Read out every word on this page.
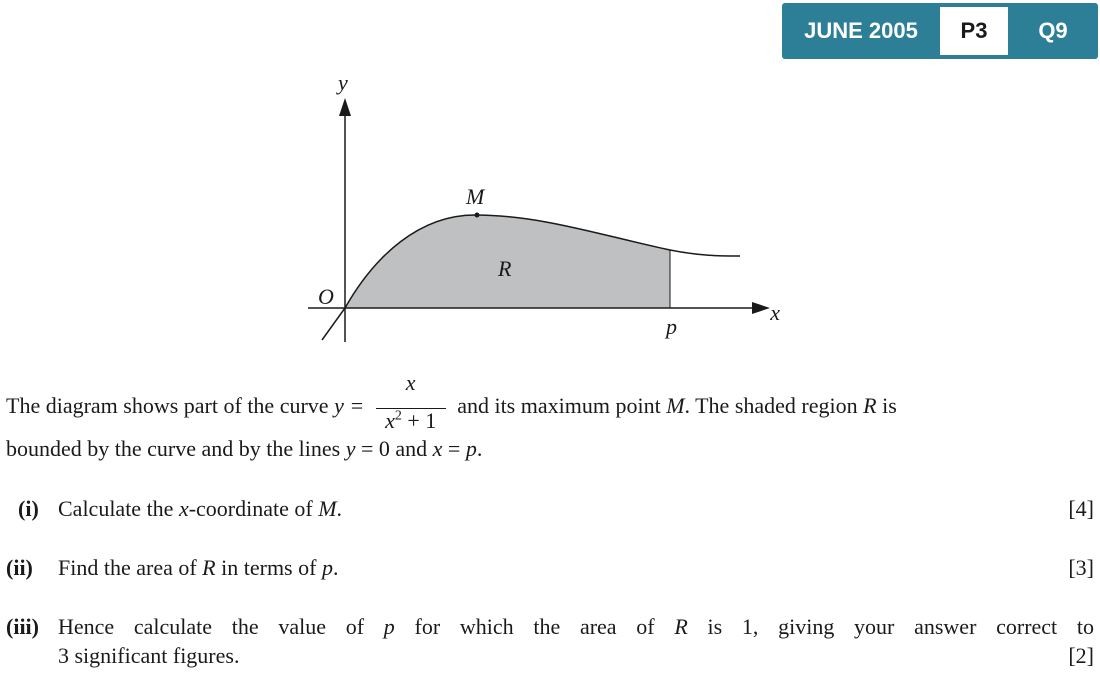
JUNE 2005	P3	Q9
y
x
O
M
R
p
The diagram shows part of the curve $y = \frac{x}{x^2 + 1}$ and its maximum point M. The shaded region R is
bounded by the curve and by the lines y = 0 and x = p.
(i) Calculate the x-coordinate of M.	[4]
(ii) Find the area of R in terms of p.	[3]
(iii) Hence calculate the value of p for which the area of R is 1, giving your answer correct to
3 significant figures.	[2]
